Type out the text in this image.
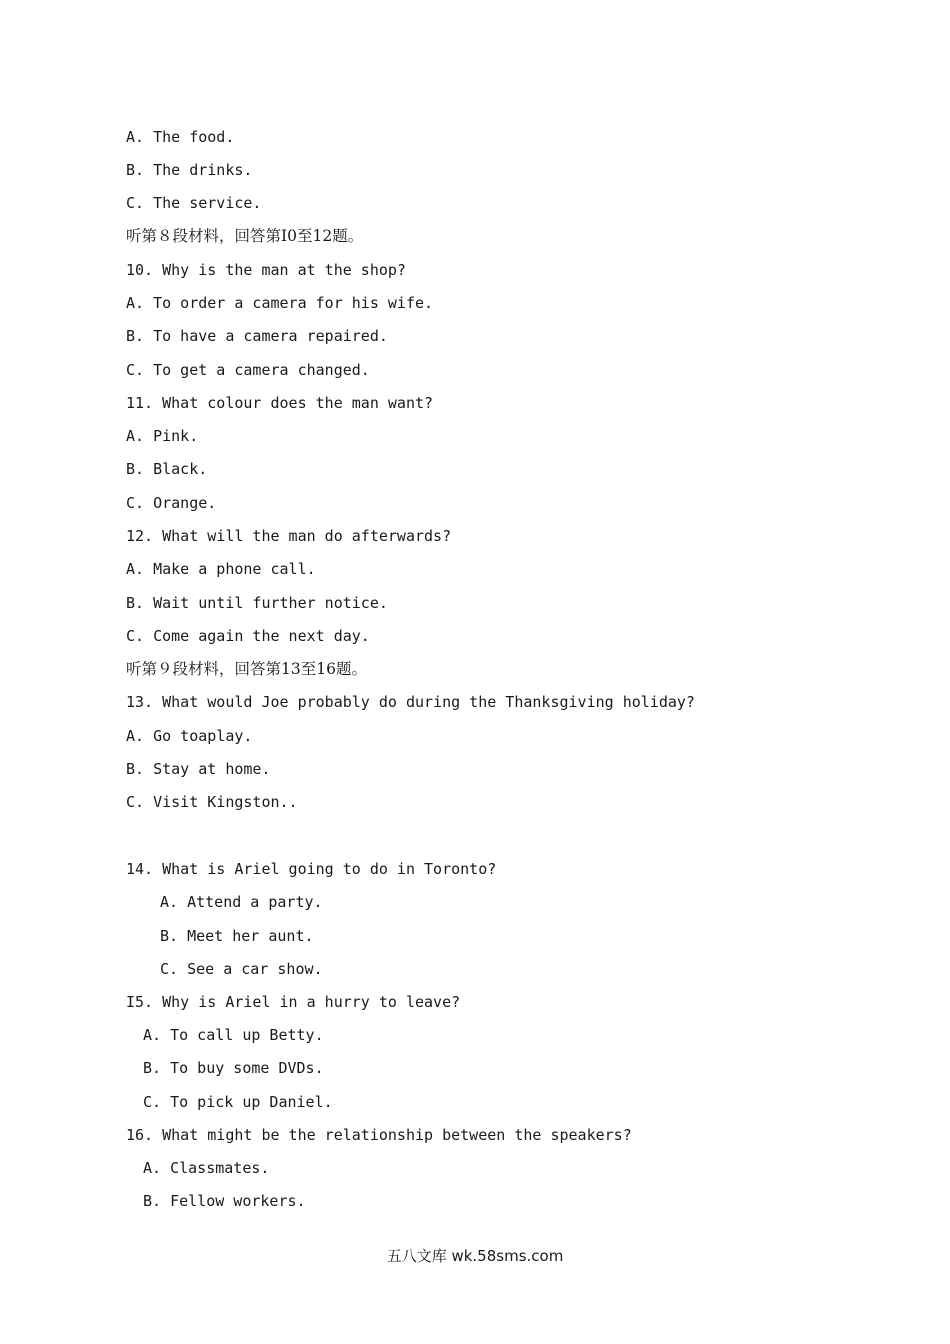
A. The food.
B. The drinks.
C. The service.
听第８段材料，回答第I0至12题。
10. Why is the man at the shop?
A. To order a camera for his wife.
B. To have a camera repaired.
C. To get a camera changed.
11. What colour does the man want?
A. Pink.
B. Black.
C. Orange.
12. What will the man do afterwards?
A. Make a phone call.
B. Wait until further notice.
C. Come again the next day.
听第９段材料，回答第13至16题。
13. What would Joe probably do during the Thanksgiving holiday?
A. Go toaplay.
B. Stay at home.
C. Visit Kingston..
14. What is Ariel going to do in Toronto?
A. Attend a party.
B. Meet her aunt.
C. See a car show.
I5. Why is Ariel in a hurry to leave?
A. To call up Betty.
B. To buy some DVDs.
C. To pick up Daniel.
16. What might be the relationship between the speakers?
A. Classmates.
B. Fellow workers.
五八文库 wk.58sms.com
